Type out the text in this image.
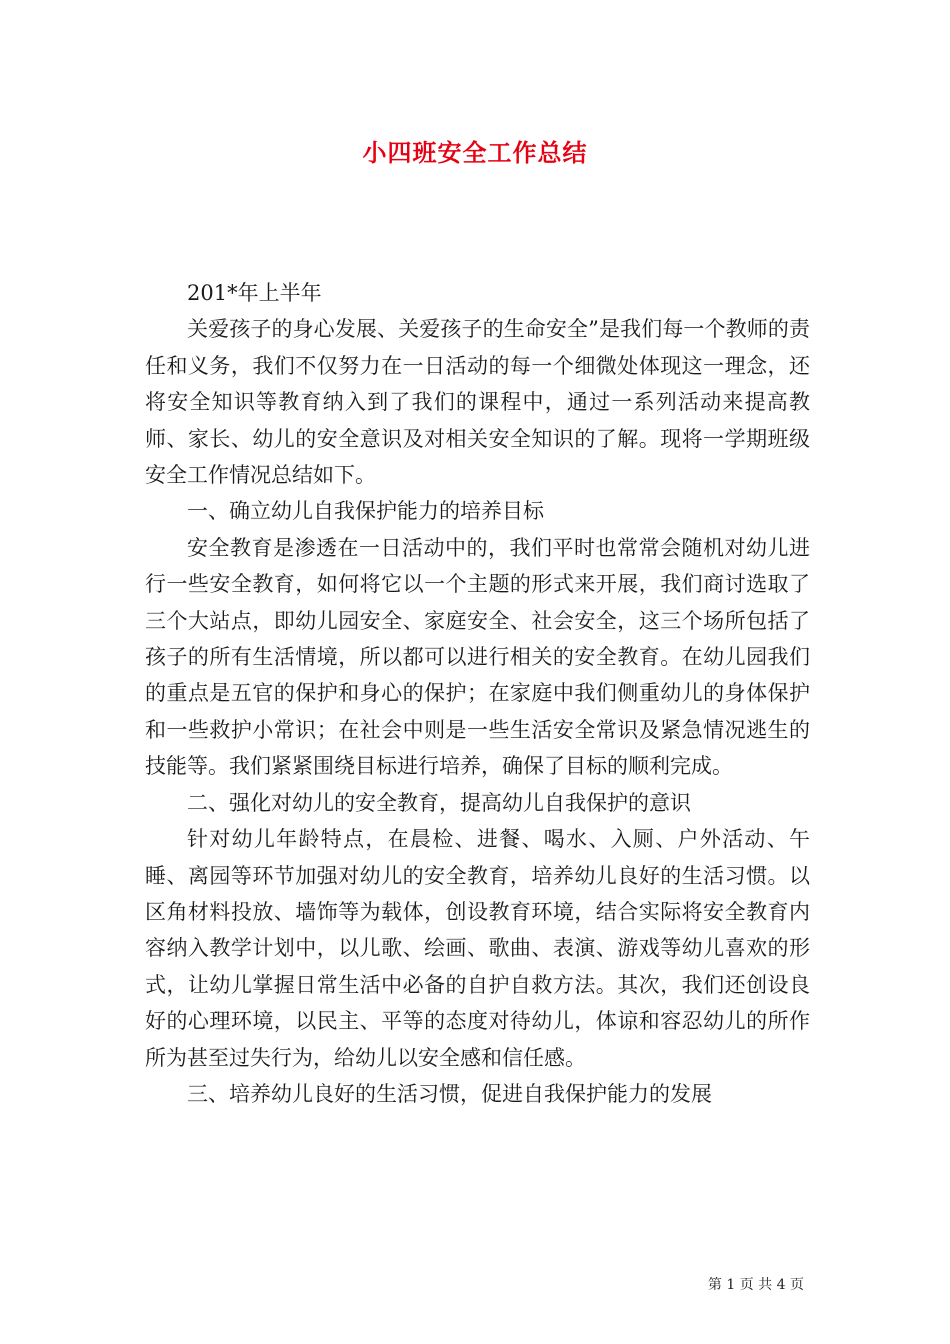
小四班安全工作总结

201*年上半年

关爱孩子的身心发展、关爱孩子的生命安全”是我们每一个教师的责任和义务，我们不仅努力在一日活动的每一个细微处体现这一理念，还将安全知识等教育纳入到了我们的课程中，通过一系列活动来提高教师、家长、幼儿的安全意识及对相关安全知识的了解。现将一学期班级安全工作情况总结如下。

一、确立幼儿自我保护能力的培养目标

安全教育是渗透在一日活动中的，我们平时也常常会随机对幼儿进行一些安全教育，如何将它以一个主题的形式来开展，我们商讨选取了三个大站点，即幼儿园安全、家庭安全、社会安全，这三个场所包括了孩子的所有生活情境，所以都可以进行相关的安全教育。在幼儿园我们的重点是五官的保护和身心的保护；在家庭中我们侧重幼儿的身体保护和一些救护小常识；在社会中则是一些生活安全常识及紧急情况逃生的技能等。我们紧紧围绕目标进行培养，确保了目标的顺利完成。

二、强化对幼儿的安全教育，提高幼儿自我保护的意识

针对幼儿年龄特点，在晨检、进餐、喝水、入厕、户外活动、午睡、离园等环节加强对幼儿的安全教育，培养幼儿良好的生活习惯。以区角材料投放、墙饰等为载体，创设教育环境，结合实际将安全教育内容纳入教学计划中，以儿歌、绘画、歌曲、表演、游戏等幼儿喜欢的形式，让幼儿掌握日常生活中必备的自护自救方法。其次，我们还创设良好的心理环境，以民主、平等的态度对待幼儿，体谅和容忍幼儿的所作所为甚至过失行为，给幼儿以安全感和信任感。

三、培养幼儿良好的生活习惯，促进自我保护能力的发展

第 1 页 共 4 页
